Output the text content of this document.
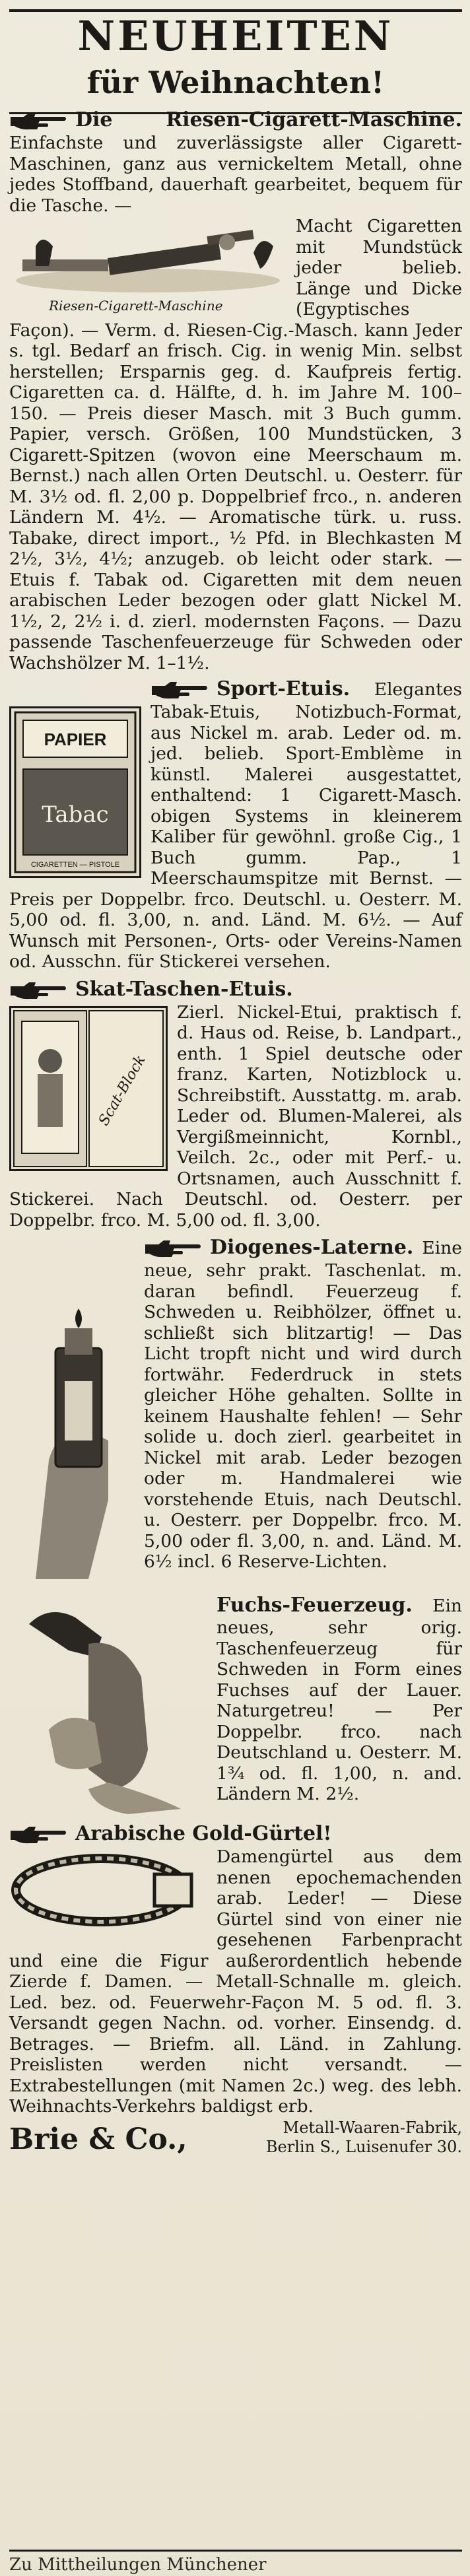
NEUHEITEN
für Weihnachten!

Die Riesen-Cigarett-Maschine. Einfachste und zuverlässigste aller Cigarett-Maschinen, ganz aus vernickeltem Metall, ohne jedes Stoffband, dauerhaft gearbeitet, bequem für die Tasche. —

Riesen-Cigarett-Maschine

Macht Cigaretten mit Mundstück jeder belieb. Länge und Dicke (Egyptisches Façon). — Verm. d. Riesen-Cig.-Masch. kann Jeder s. tgl. Bedarf an frisch. Cig. in wenig Min. selbst herstellen; Ersparnis geg. d. Kaufpreis fertig. Cigaretten ca. d. Hälfte, d. h. im Jahre M. 100–150. — Preis dieser Masch. mit 3 Buch gumm. Papier, versch. Größen, 100 Mundstücken, 3 Cigarett-Spitzen (wovon eine Meerschaum m. Bernst.) nach allen Orten Deutschl. u. Oesterr. für M. 3½ od. fl. 2,00 p. Doppelbrief frco., n. anderen Ländern M. 4½. — Aromatische türk. u. russ. Tabake, direct import., ½ Pfd. in Blechkasten M 2½, 3½, 4½; anzugeb. ob leicht oder stark. — Etuis f. Tabak od. Cigaretten mit dem neuen arabischen Leder bezogen oder glatt Nickel M. 1½, 2, 2½ i. d. zierl. modernsten Façons. — Dazu passende Taschenfeuerzeuge für Schweden oder Wachshölzer M. 1–1½.

PAPIER
Tabac
CIGARETTEN — PISTOLE

Sport-Etuis. Elegantes Tabak-Etuis, Notizbuch-Format, aus Nickel m. arab. Leder od. m. jed. belieb. Sport-Emblème in künstl. Malerei ausgestattet, enthaltend: 1 Cigarett-Masch. obigen Systems in kleinerem Kaliber für gewöhnl. große Cig., 1 Buch gumm. Pap., 1 Meerschaumspitze mit Bernst. — Preis per Doppelbr. frco. Deutschl. u. Oesterr. M. 5,00 od. fl. 3,00, n. and. Länd. M. 6½. — Auf Wunsch mit Personen-, Orts- oder Vereins-Namen od. Ausschn. für Stickerei versehen.

Skat-Taschen-Etuis.

Scat-Block

Zierl. Nickel-Etui, praktisch f. d. Haus od. Reise, b. Landpart., enth. 1 Spiel deutsche oder franz. Karten, Notizblock u. Schreibstift. Ausstattg. m. arab. Leder od. Blumen-Malerei, als Vergißmeinnicht, Kornbl., Veilch. 2c., oder mit Perf.- u. Ortsnamen, auch Ausschnitt f. Stickerei. Nach Deutschl. od. Oesterr. per Doppelbr. frco. M. 5,00 od. fl. 3,00.

Diogenes-Laterne. Eine neue, sehr prakt. Taschenlat. m. daran befindl. Feuerzeug f. Schweden u. Reibhölzer, öffnet u. schließt sich blitzartig! — Das Licht tropft nicht und wird durch fortwähr. Federdruck in stets gleicher Höhe gehalten. Sollte in keinem Haushalte fehlen! — Sehr solide u. doch zierl. gearbeitet in Nickel mit arab. Leder bezogen oder m. Handmalerei wie vorstehende Etuis, nach Deutschl. u. Oesterr. per Doppelbr. frco. M. 5,00 oder fl. 3,00, n. and. Länd. M. 6½ incl. 6 Reserve-Lichten.

Fuchs-Feuerzeug. Ein neues, sehr orig. Taschenfeuerzeug für Schweden in Form eines Fuchses auf der Lauer. Naturgetreu! — Per Doppelbr. frco. nach Deutschland u. Oesterr. M. 1¾ od. fl. 1,00, n. and. Ländern M. 2½.

Arabische Gold-Gürtel!

Damengürtel aus dem nenen epochemachenden arab. Leder! — Diese Gürtel sind von einer nie gesehenen Farbenpracht und eine die Figur außerordentlich hebende Zierde f. Damen. — Metall-Schnalle m. gleich. Led. bez. od. Feuerwehr-Façon M. 5 od. fl. 3. Versandt gegen Nachn. od. vorher. Einsendg. d. Betrages. — Briefm. all. Länd. in Zahlung. Preislisten werden nicht versandt. — Extrabestellungen (mit Namen 2c.) weg. des lebh. Weihnachts-Verkehrs baldigst erb.

Brie & Co.,	Metall-Waaren-Fabrik,
Berlin S., Luisenufer 30.
Zu Mittheilungen Münchener
